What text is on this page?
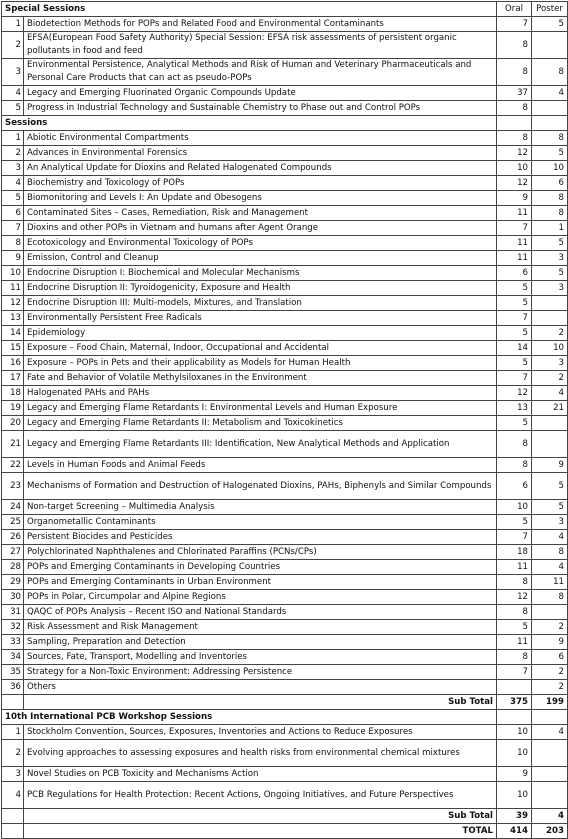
Special Sessions		Oral	Poster
1	Biodetection Methods for POPs and Related Food and Environmental Contaminants	7	5
2	EFSA(European Food Safety Authority) Special Session: EFSA risk assessments of persistent organic pollutants in food and feed	8	
3	Environmental Persistence, Analytical Methods and Risk of Human and Veterinary Pharmaceuticals and Personal Care Products that can act as pseudo-POPs	8	8
4	Legacy and Emerging Fluorinated Organic Compounds Update	37	4
5	Progress in Industrial Technology and Sustainable Chemistry to Phase out and Control POPs	8	
Sessions			
1	Abiotic Environmental Compartments	8	8
2	Advances in Environmental Forensics	12	5
3	An Analytical Update for Dioxins and Related Halogenated Compounds	10	10
4	Biochemistry and Toxicology of POPs	12	6
5	Biomonitoring and Levels I: An Update and Obesogens	9	8
6	Contaminated Sites – Cases, Remediation, Risk and Management	11	8
7	Dioxins and other POPs in Vietnam and humans after Agent Orange	7	1
8	Ecotoxicology and Environmental Toxicology of POPs	11	5
9	Emission, Control and Cleanup	11	3
10	Endocrine Disruption I: Biochemical and Molecular Mechanisms	6	5
11	Endocrine Disruption II: Tyroidogenicity, Exposure and Health	5	3
12	Endocrine Disruption III: Multi-models, Mixtures, and Translation	5	
13	Environmentally Persistent Free Radicals	7	
14	Epidemiology	5	2
15	Exposure – Food Chain, Maternal, Indoor, Occupational and Accidental	14	10
16	Exposure – POPs in Pets and their applicability as Models for Human Health	5	3
17	Fate and Behavior of Volatile Methylsiloxanes in the Environment	7	2
18	Halogenated PAHs and PAHs	12	4
19	Legacy and Emerging Flame Retardants I: Environmental Levels and Human Exposure	13	21
20	Legacy and Emerging Flame Retardants II: Metabolism and Toxicokinetics	5	
21	Legacy and Emerging Flame Retardants III: Identification, New Analytical Methods and Application	8	
22	Levels in Human Foods and Animal Feeds	8	9
23	Mechanisms of Formation and Destruction of Halogenated Dioxins, PAHs, Biphenyls and Similar Compounds	6	5
24	Non-target Screening – Multimedia Analysis	10	5
25	Organometallic Contaminants	5	3
26	Persistent Biocides and Pesticides	7	4
27	Polychlorinated Naphthalenes and Chlorinated Paraffins (PCNs/CPs)	18	8
28	POPs and Emerging Contaminants in Developing Countries	11	4
29	POPs and Emerging Contaminants in Urban Environment	8	11
30	POPs in Polar, Circumpolar and Alpine Regions	12	8
31	QAQC of POPs Analysis – Recent ISO and National Standards	8	
32	Risk Assessment and Risk Management	5	2
33	Sampling, Preparation and Detection	11	9
34	Sources, Fate, Transport, Modelling and Inventories	8	6
35	Strategy for a Non-Toxic Environment: Addressing Persistence	7	2
36	Others		2
	Sub Total	375	199
10th International PCB Workshop Sessions			
1	Stockholm Convention, Sources, Exposures, Inventories and Actions to Reduce Exposures	10	4
2	Evolving approaches to assessing exposures and health risks from environmental chemical mixtures	10	
3	Novel Studies on PCB Toxicity and Mechanisms Action	9	
4	PCB Regulations for Health Protection: Recent Actions, Ongoing Initiatives, and Future Perspectives	10	
	Sub Total	39	4
	TOTAL	414	203
